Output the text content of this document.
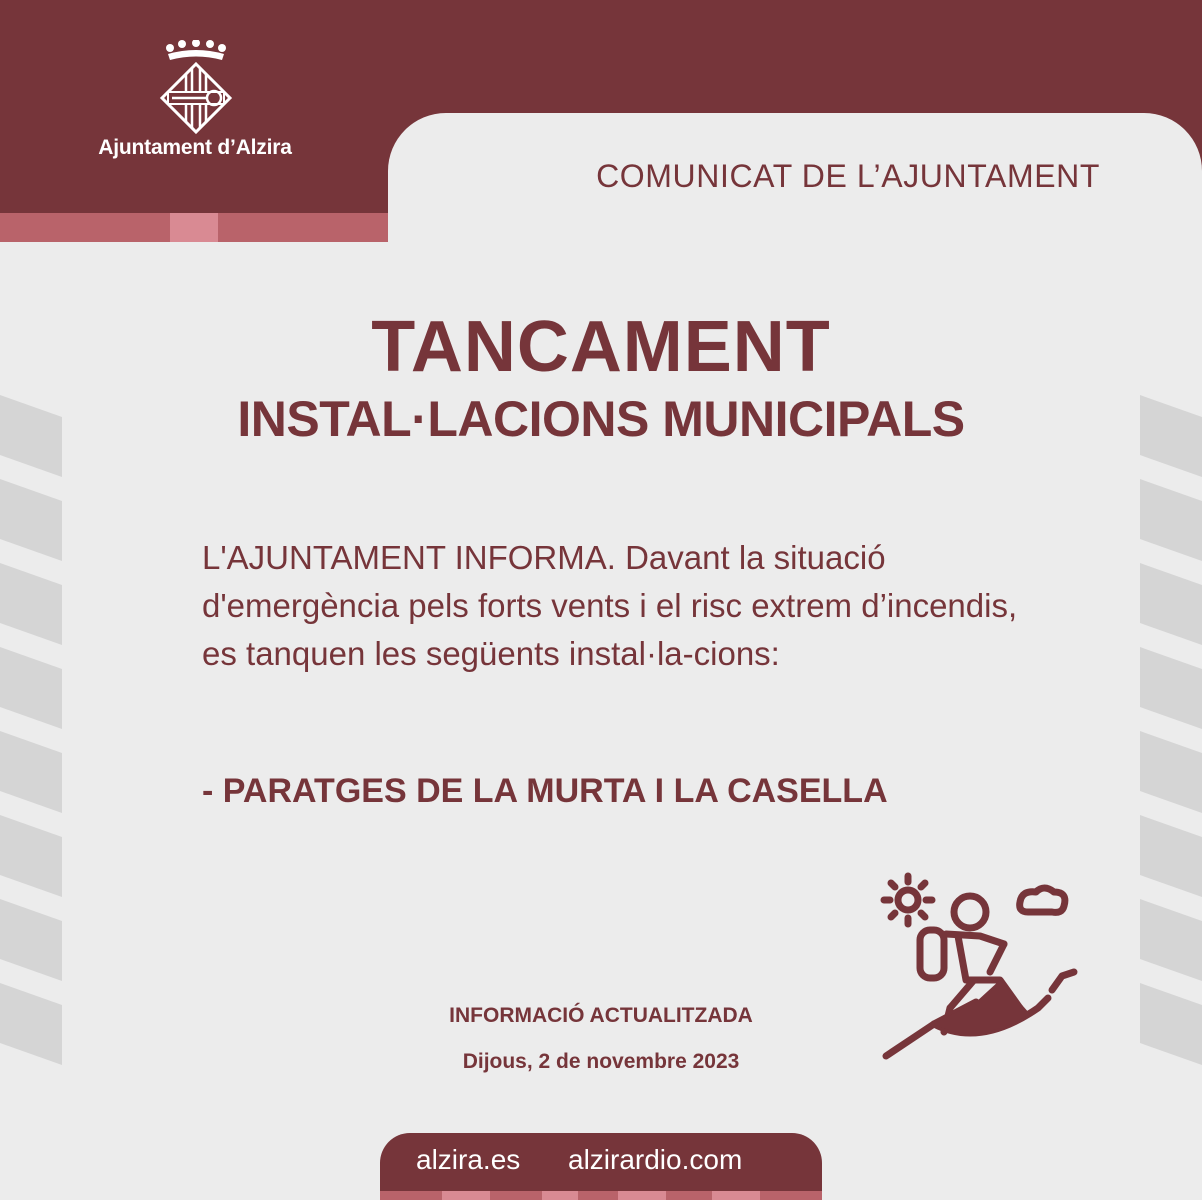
Ajuntament d’Alzira
COMUNICAT DE L’AJUNTAMENT
TANCAMENT
INSTAL·LACIONS MUNICIPALS
L'AJUNTAMENT INFORMA. Davant la situació d'emergència pels forts vents i el risc extrem d’incendis, es tanquen les següents instal·la-cions:
- PARATGES DE LA MURTA I LA CASELLA
INFORMACIÓ ACTUALITZADA
Dijous, 2 de novembre 2023
alzira.es alzirardio.com
